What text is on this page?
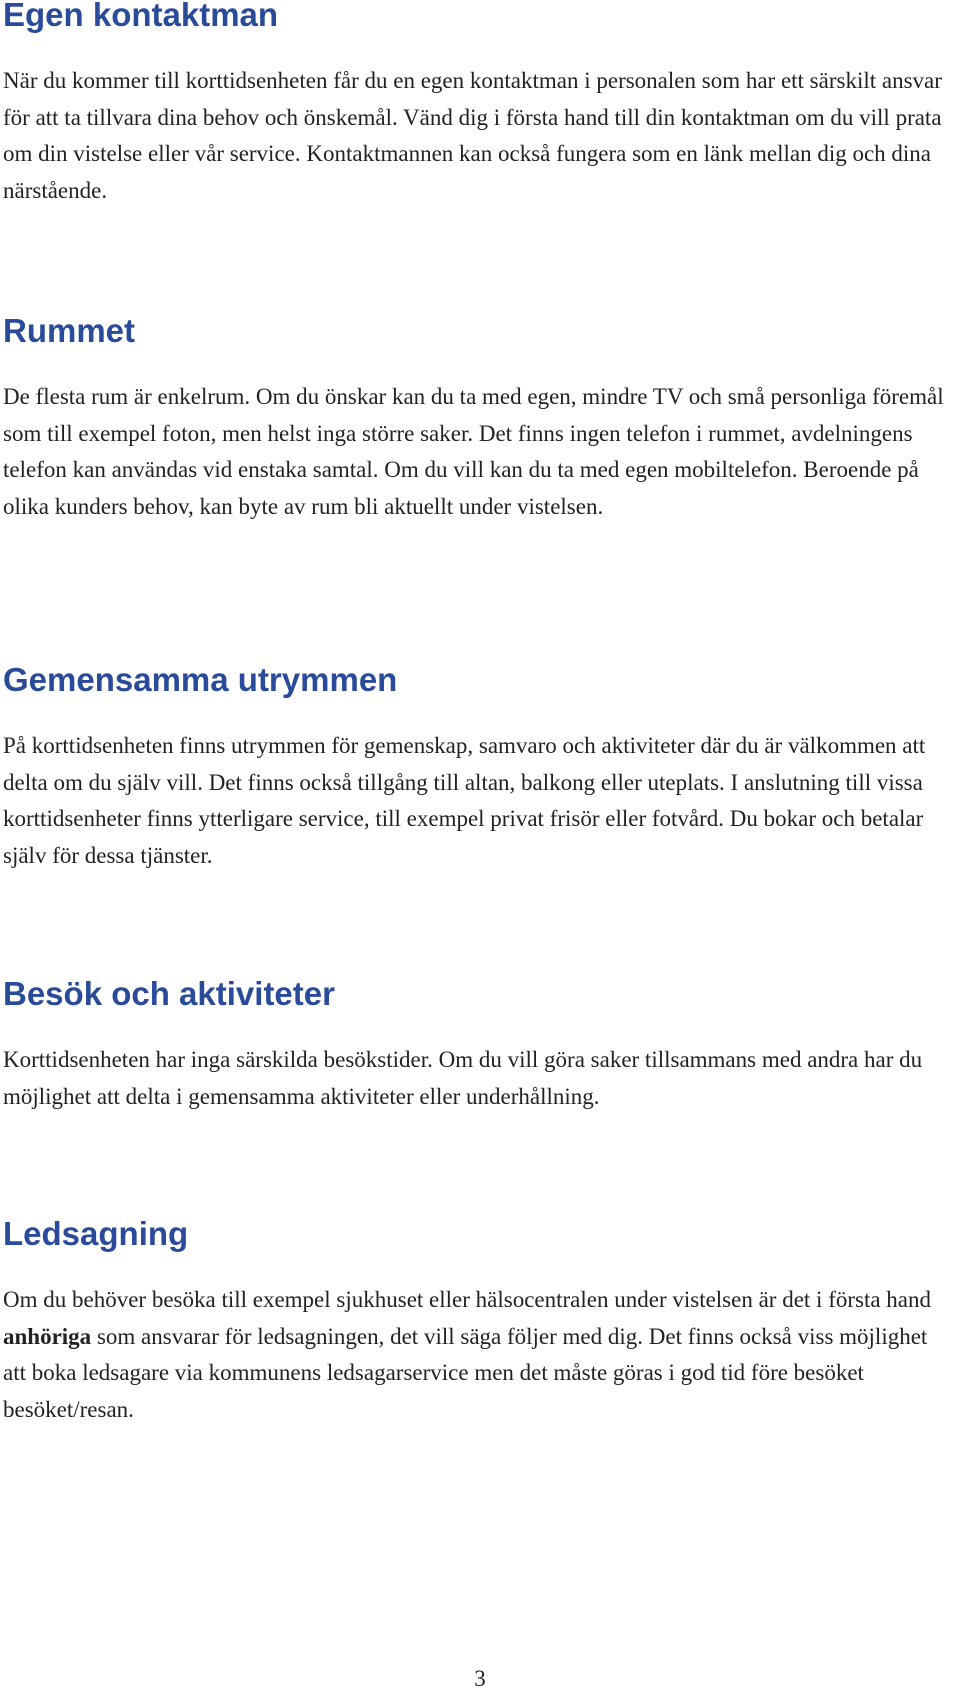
Egen kontaktman

När du kommer till korttidsenheten får du en egen kontaktman i personalen som har ett särskilt ansvar för att ta tillvara dina behov och önskemål. Vänd dig i första hand till din kontaktman om du vill prata om din vistelse eller vår service. Kontaktmannen kan också fungera som en länk mellan dig och dina närstående.

Rummet

De flesta rum är enkelrum. Om du önskar kan du ta med egen, mindre TV och små personliga föremål som till exempel foton, men helst inga större saker. Det finns ingen telefon i rummet, avdelningens telefon kan användas vid enstaka samtal. Om du vill kan du ta med egen mobiltelefon. Beroende på olika kunders behov, kan byte av rum bli aktuellt under vistelsen.

Gemensamma utrymmen

På korttidsenheten finns utrymmen för gemenskap, samvaro och aktiviteter där du är välkommen att delta om du själv vill. Det finns också tillgång till altan, balkong eller uteplats. I anslutning till vissa korttidsenheter finns ytterligare service, till exempel privat frisör eller fotvård. Du bokar och betalar själv för dessa tjänster.

Besök och aktiviteter

Korttidsenheten har inga särskilda besökstider. Om du vill göra saker tillsammans med andra har du möjlighet att delta i gemensamma aktiviteter eller underhållning.

Ledsagning

Om du behöver besöka till exempel sjukhuset eller hälsocentralen under vistelsen är det i första hand anhöriga som ansvarar för ledsagningen, det vill säga följer med dig. Det finns också viss möjlighet att boka ledsagare via kommunens ledsagarservice men det måste göras i god tid före besöket besöket/resan.

3
